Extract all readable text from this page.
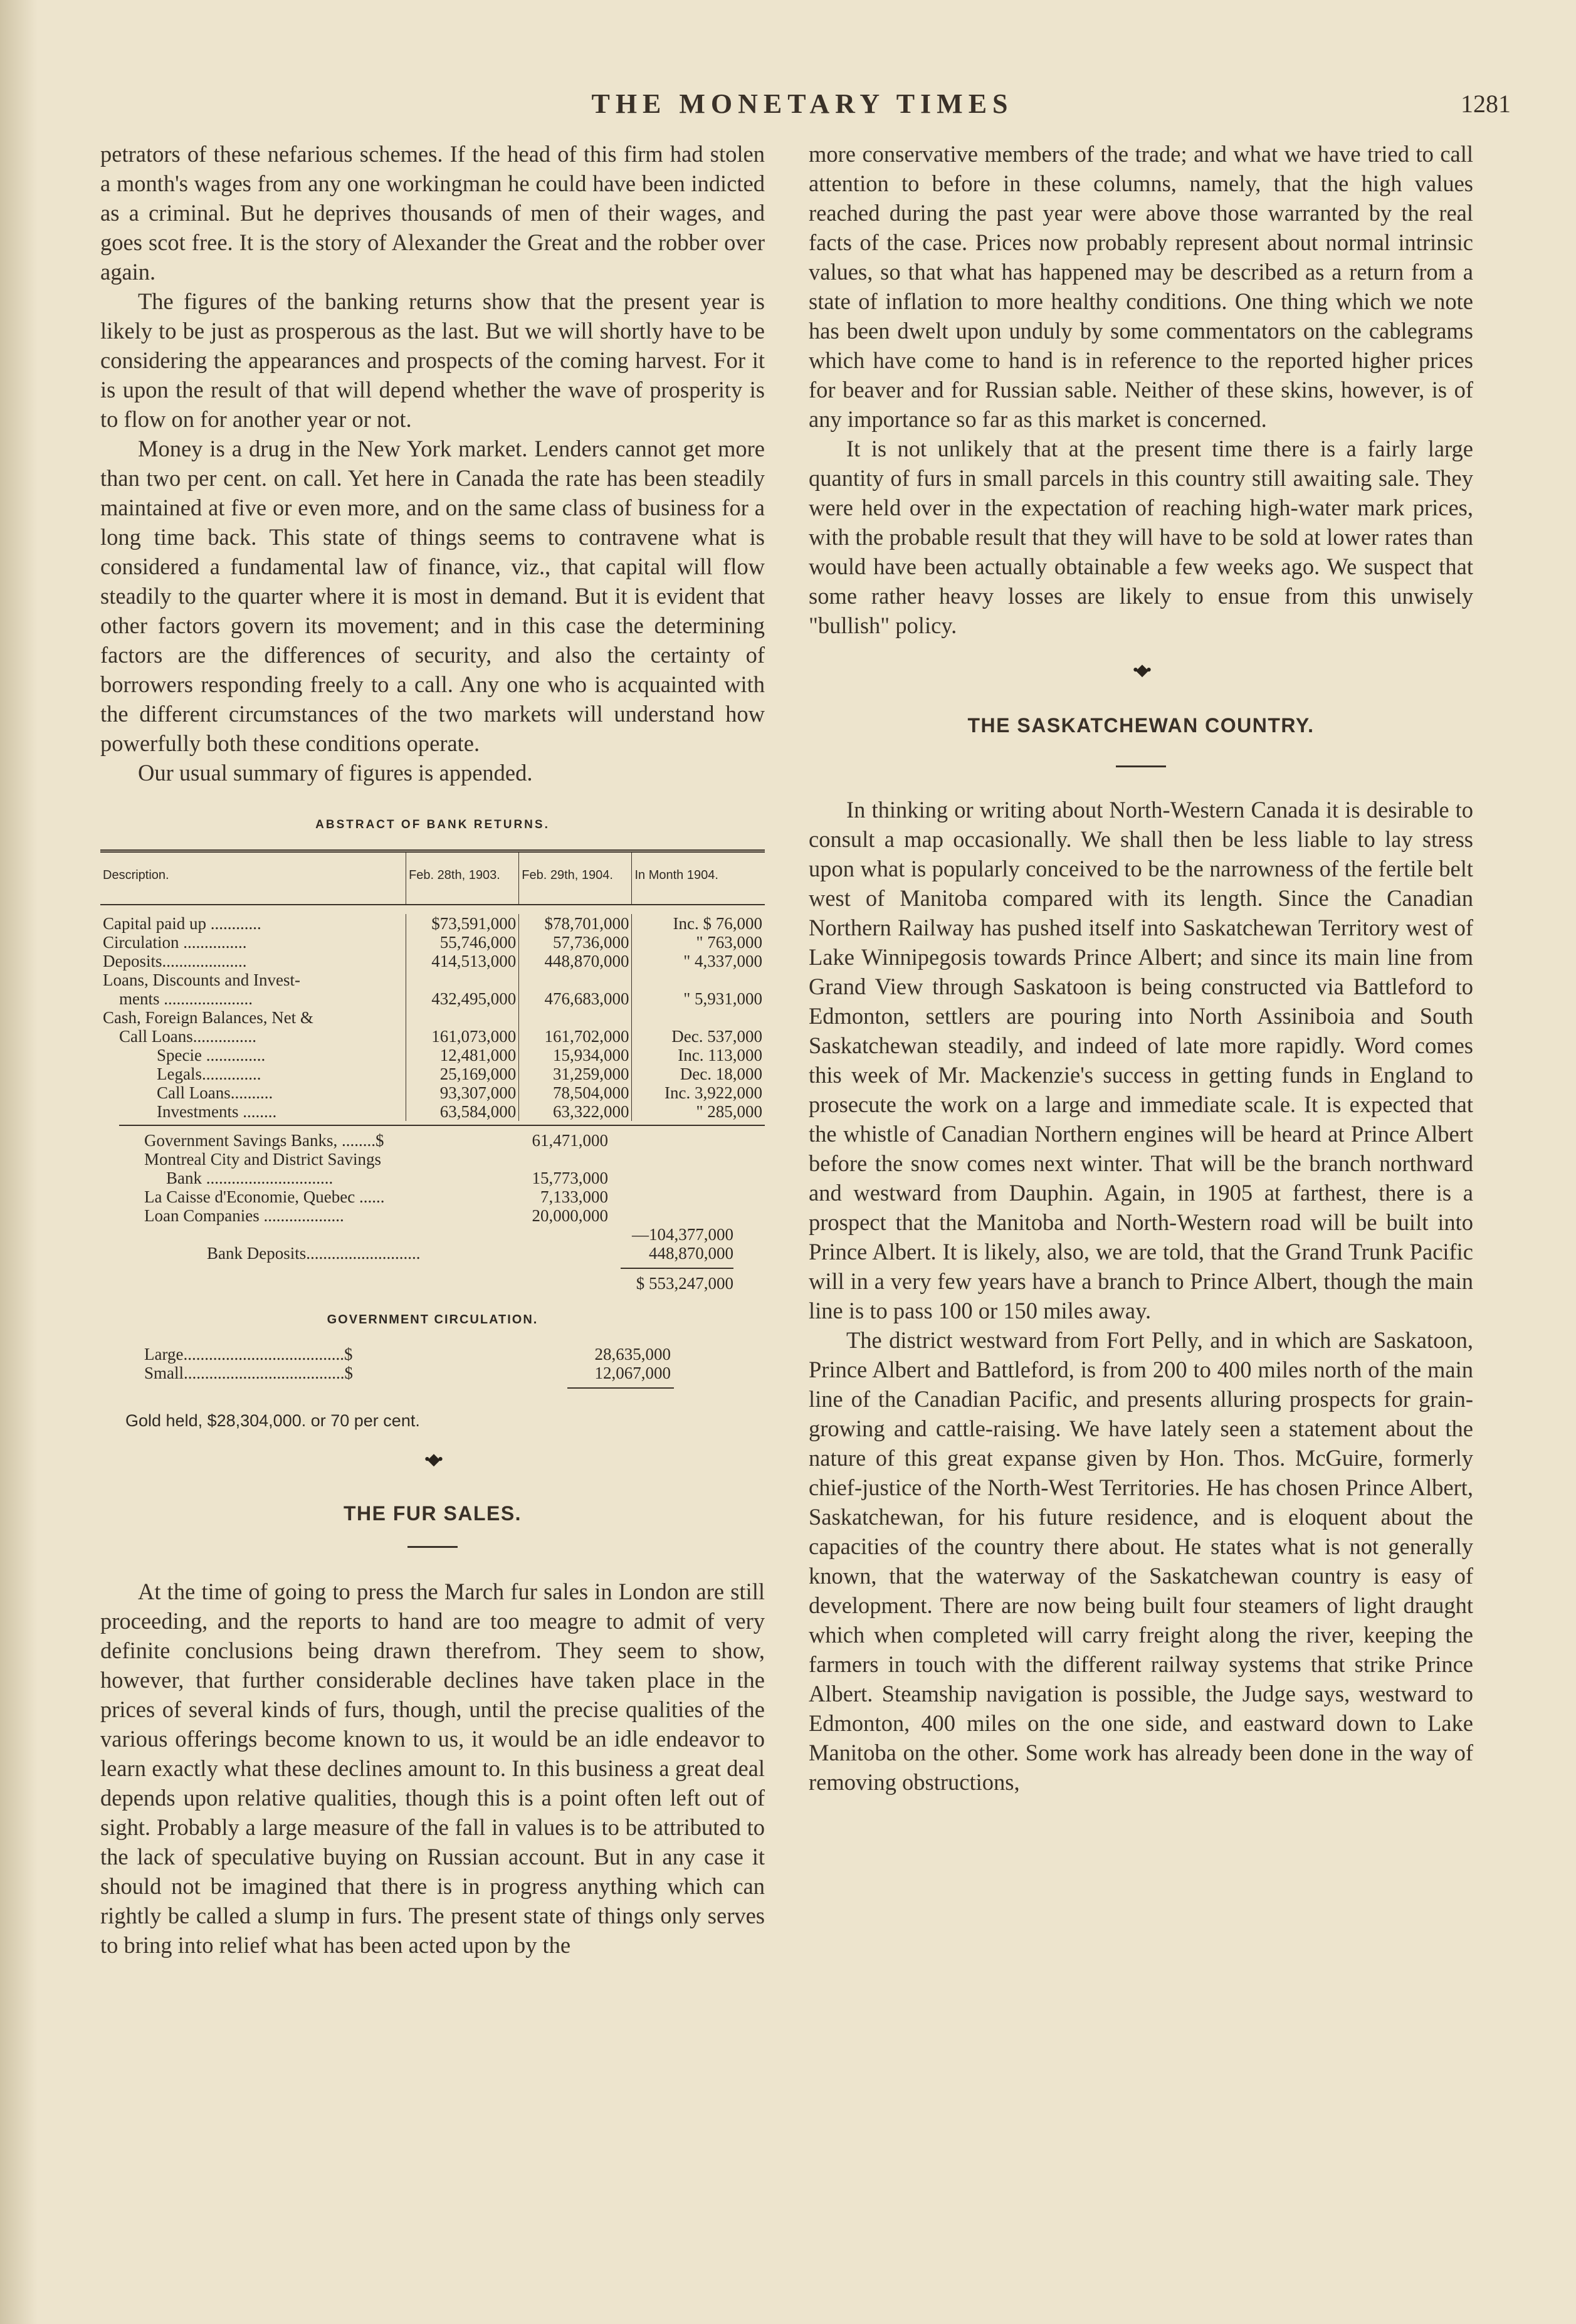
THE MONETARY TIMES	1281

petrators of these nefarious schemes. If the head of this firm had stolen a month's wages from any one workingman he could have been indicted as a criminal. But he deprives thousands of men of their wages, and goes scot free. It is the story of Alexander the Great and the robber over again.

The figures of the banking returns show that the present year is likely to be just as prosperous as the last. But we will shortly have to be considering the appearances and prospects of the coming harvest. For it is upon the result of that will depend whether the wave of prosperity is to flow on for another year or not.

Money is a drug in the New York market. Lenders cannot get more than two per cent. on call. Yet here in Canada the rate has been steadily maintained at five or even more, and on the same class of business for a long time back. This state of things seems to contravene what is considered a fundamental law of finance, viz., that capital will flow steadily to the quarter where it is most in demand. But it is evident that other factors govern its movement; and in this case the determining factors are the differences of security, and also the certainty of borrowers responding freely to a call. Any one who is acquainted with the different circumstances of the two markets will understand how powerfully both these conditions operate.

Our usual summary of figures is appended.

ABSTRACT OF BANK RETURNS.
Description.	Feb. 28th, 1903.	Feb. 29th, 1904.	In Month 1904.

Capital paid up ............	$73,591,000	$78,701,000	Inc. $ 76,000
Circulation ...............	55,746,000	57,736,000	" 763,000
Deposits....................	414,513,000	448,870,000	" 4,337,000
Loans, Discounts and Invest-			
ments .....................	432,495,000	476,683,000	" 5,931,000
Cash, Foreign Balances, Net &			
Call Loans...............	161,073,000	161,702,000	Dec. 537,000
Specie ..............	12,481,000	15,934,000	Inc. 113,000
Legals..............	25,169,000	31,259,000	Dec. 18,000
Call Loans..........	93,307,000	78,504,000	Inc. 3,922,000
Investments ........	63,584,000	63,322,000	" 285,000
Government Savings Banks, ........$	61,471,000
Montreal City and District Savings
Bank ..............................	15,773,000
La Caisse d'Economie, Quebec ......	7,133,000
Loan Companies ...................	20,000,000
—104,377,000
Bank Deposits...........................	448,870,000
$ 553,247,000
GOVERNMENT CIRCULATION.
Large......................................$	28,635,000
Small......................................$	12,067,000
Gold held, $28,304,000. or 70 per cent.
•◆•
THE FUR SALES.

At the time of going to press the March fur sales in London are still proceeding, and the reports to hand are too meagre to admit of very definite conclusions being drawn therefrom. They seem to show, however, that further considerable declines have taken place in the prices of several kinds of furs, though, until the precise qualities of the various offerings become known to us, it would be an idle endeavor to learn exactly what these declines amount to. In this business a great deal depends upon relative qualities, though this is a point often left out of sight. Probably a large measure of the fall in values is to be attributed to the lack of speculative buying on Russian account. But in any case it should not be imagined that there is in progress anything which can rightly be called a slump in furs. The present state of things only serves to bring into relief what has been acted upon by the

more conservative members of the trade; and what we have tried to call attention to before in these columns, namely, that the high values reached during the past year were above those warranted by the real facts of the case. Prices now probably represent about normal intrinsic values, so that what has happened may be described as a return from a state of inflation to more healthy conditions. One thing which we note has been dwelt upon unduly by some commentators on the cablegrams which have come to hand is in reference to the reported higher prices for beaver and for Russian sable. Neither of these skins, however, is of any importance so far as this market is concerned.

It is not unlikely that at the present time there is a fairly large quantity of furs in small parcels in this country still awaiting sale. They were held over in the expectation of reaching high-water mark prices, with the probable result that they will have to be sold at lower rates than would have been actually obtainable a few weeks ago. We suspect that some rather heavy losses are likely to ensue from this unwisely "bullish" policy.

•◆•
THE SASKATCHEWAN COUNTRY.

In thinking or writing about North-Western Canada it is desirable to consult a map occasionally. We shall then be less liable to lay stress upon what is popularly conceived to be the narrowness of the fertile belt west of Manitoba compared with its length. Since the Canadian Northern Railway has pushed itself into Saskatchewan Territory west of Lake Winnipegosis towards Prince Albert; and since its main line from Grand View through Saskatoon is being constructed via Battleford to Edmonton, settlers are pouring into North Assiniboia and South Saskatchewan steadily, and indeed of late more rapidly. Word comes this week of Mr. Mackenzie's success in getting funds in England to prosecute the work on a large and immediate scale. It is expected that the whistle of Canadian Northern engines will be heard at Prince Albert before the snow comes next winter. That will be the branch northward and westward from Dauphin. Again, in 1905 at farthest, there is a prospect that the Manitoba and North-Western road will be built into Prince Albert. It is likely, also, we are told, that the Grand Trunk Pacific will in a very few years have a branch to Prince Albert, though the main line is to pass 100 or 150 miles away.

The district westward from Fort Pelly, and in which are Saskatoon, Prince Albert and Battleford, is from 200 to 400 miles north of the main line of the Canadian Pacific, and presents alluring prospects for grain-growing and cattle-raising. We have lately seen a statement about the nature of this great expanse given by Hon. Thos. McGuire, formerly chief-justice of the North-West Territories. He has chosen Prince Albert, Saskatchewan, for his future residence, and is eloquent about the capacities of the country there about. He states what is not generally known, that the waterway of the Saskatchewan country is easy of development. There are now being built four steamers of light draught which when completed will carry freight along the river, keeping the farmers in touch with the different railway systems that strike Prince Albert. Steamship navigation is possible, the Judge says, westward to Edmonton, 400 miles on the one side, and eastward down to Lake Manitoba on the other. Some work has already been done in the way of removing obstructions,
